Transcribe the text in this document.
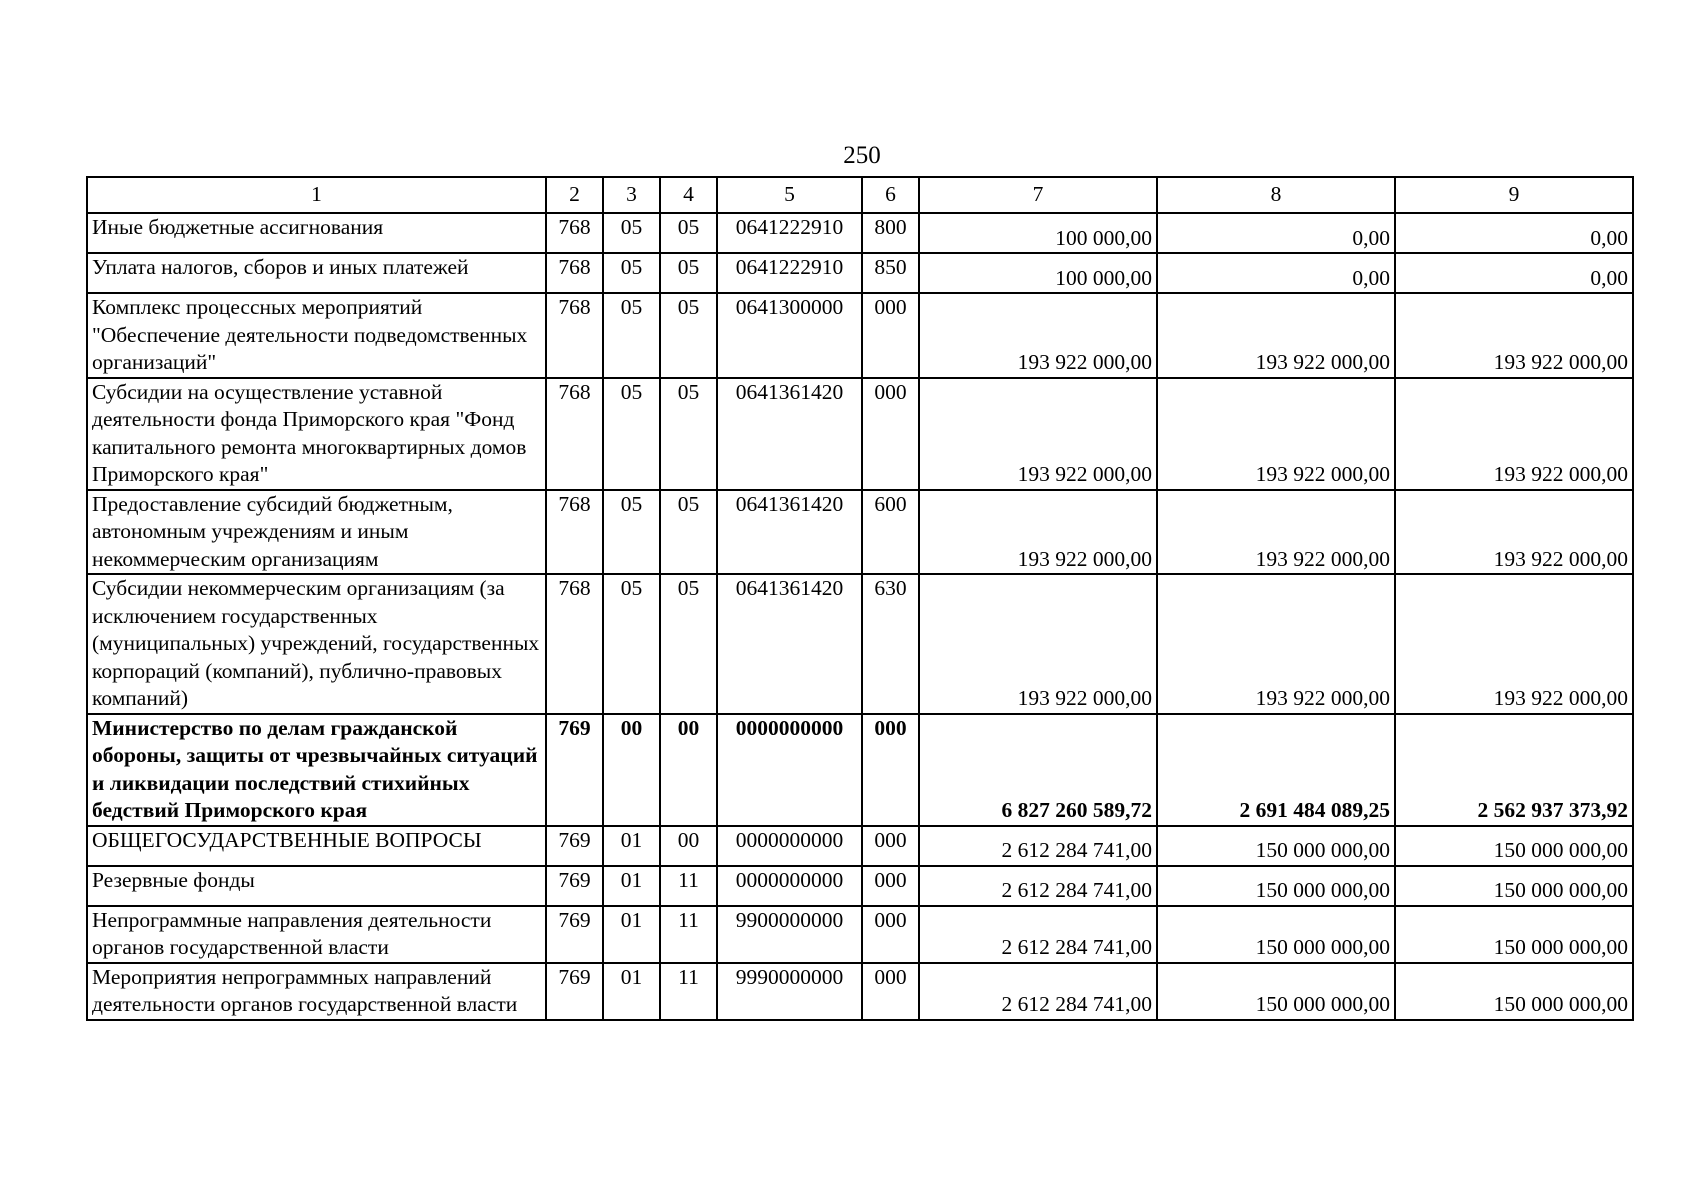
250
1	2	3	4	5	6	7	8	9
Иные бюджетные ассигнования	768	05	05	0641222910	800	100 000,00	0,00	0,00
Уплата налогов, сборов и иных платежей	768	05	05	0641222910	850	100 000,00	0,00	0,00
Комплекс процессных мероприятий "Обеспечение деятельности подведомственных организаций"	768	05	05	0641300000	000	193 922 000,00	193 922 000,00	193 922 000,00
Субсидии на осуществление уставной деятельности фонда Приморского края "Фонд капитального ремонта многоквартирных домов Приморского края"	768	05	05	0641361420	000	193 922 000,00	193 922 000,00	193 922 000,00
Предоставление субсидий бюджетным, автономным учреждениям и иным некоммерческим организациям	768	05	05	0641361420	600	193 922 000,00	193 922 000,00	193 922 000,00
Субсидии некоммерческим организациям (за исключением государственных (муниципальных) учреждений, государственных корпораций (компаний), публично-правовых компаний)	768	05	05	0641361420	630	193 922 000,00	193 922 000,00	193 922 000,00
Министерство по делам гражданской обороны, защиты от чрезвычайных ситуаций и ликвидации последствий стихийных бедствий Приморского края	769	00	00	0000000000	000	6 827 260 589,72	2 691 484 089,25	2 562 937 373,92
ОБЩЕГОСУДАРСТВЕННЫЕ ВОПРОСЫ	769	01	00	0000000000	000	2 612 284 741,00	150 000 000,00	150 000 000,00
Резервные фонды	769	01	11	0000000000	000	2 612 284 741,00	150 000 000,00	150 000 000,00
Непрограммные направления деятельности органов государственной власти	769	01	11	9900000000	000	2 612 284 741,00	150 000 000,00	150 000 000,00
Мероприятия непрограммных направлений деятельности органов государственной власти	769	01	11	9990000000	000	2 612 284 741,00	150 000 000,00	150 000 000,00
